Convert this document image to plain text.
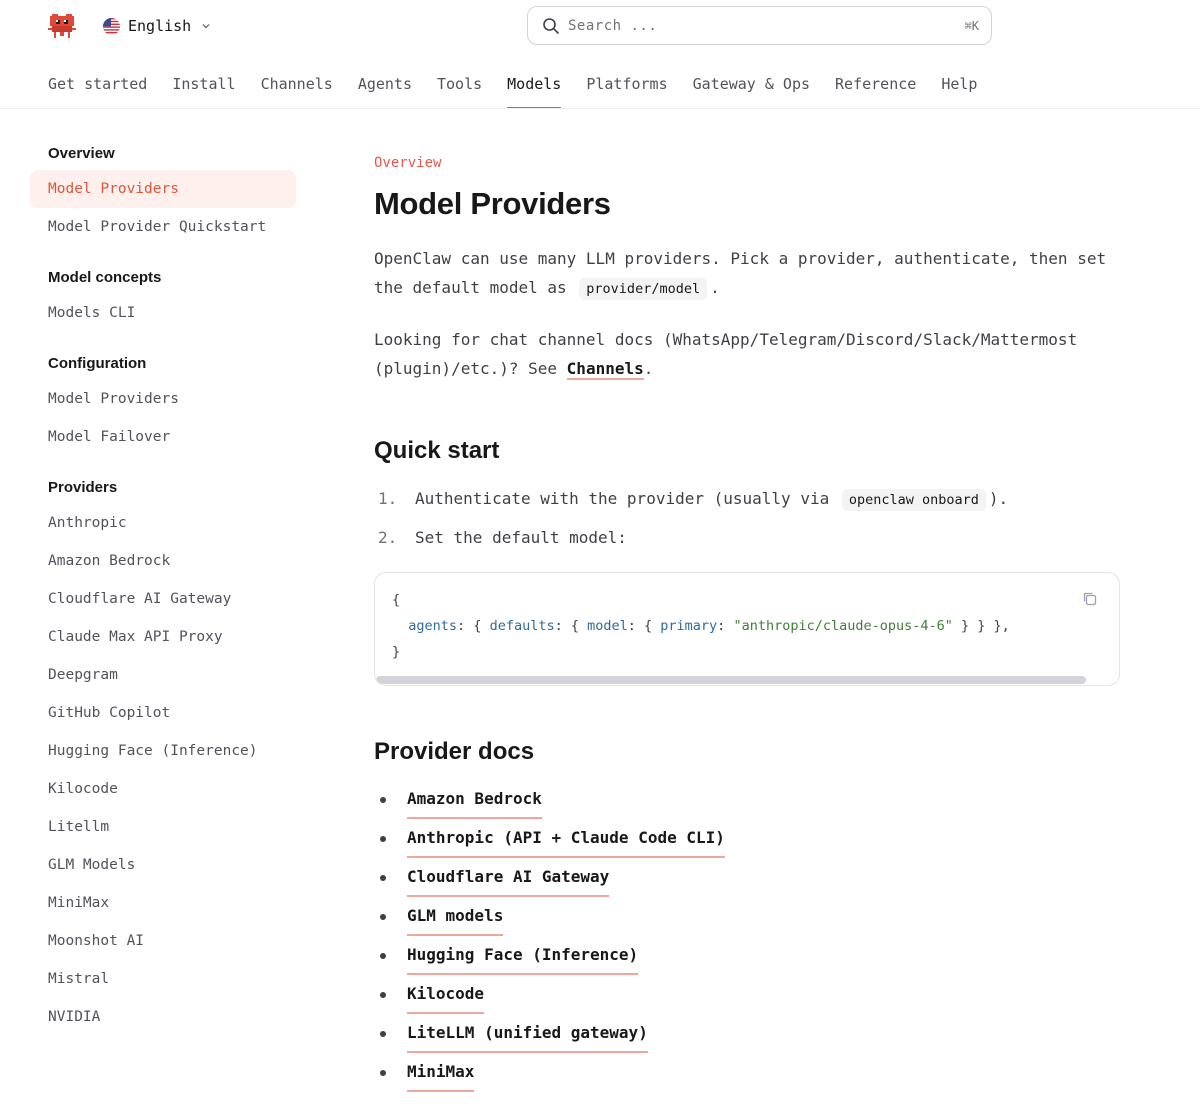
English	Search ...	⌘K
Get started Install Channels Agents Tools Models Platforms Gateway & Ops Reference Help
Overview
Model Providers
Model Provider Quickstart
Model concepts
Models CLI
Configuration
Model Providers
Model Failover
Providers
Anthropic
Amazon Bedrock
Cloudflare AI Gateway
Claude Max API Proxy
Deepgram
GitHub Copilot
Hugging Face (Inference)
Kilocode
Litellm
GLM Models
MiniMax
Moonshot AI
Mistral
NVIDIA
Overview
Model Providers

OpenClaw can use many LLM providers. Pick a provider, authenticate, then set the default model as provider/model .

Looking for chat channel docs (WhatsApp/Telegram/Discord/Slack/Mattermost (plugin)/etc.)? See Channels.

Quick start
1.	Authenticate with the provider (usually via openclaw onboard ).
2.	Set the default model:
{
agents: { defaults: { model: { primary: "anthropic/claude-opus-4-6" } } },
}
Provider docs
Amazon Bedrock
Anthropic (API + Claude Code CLI)
Cloudflare AI Gateway
GLM models
Hugging Face (Inference)
Kilocode
LiteLLM (unified gateway)
MiniMax
